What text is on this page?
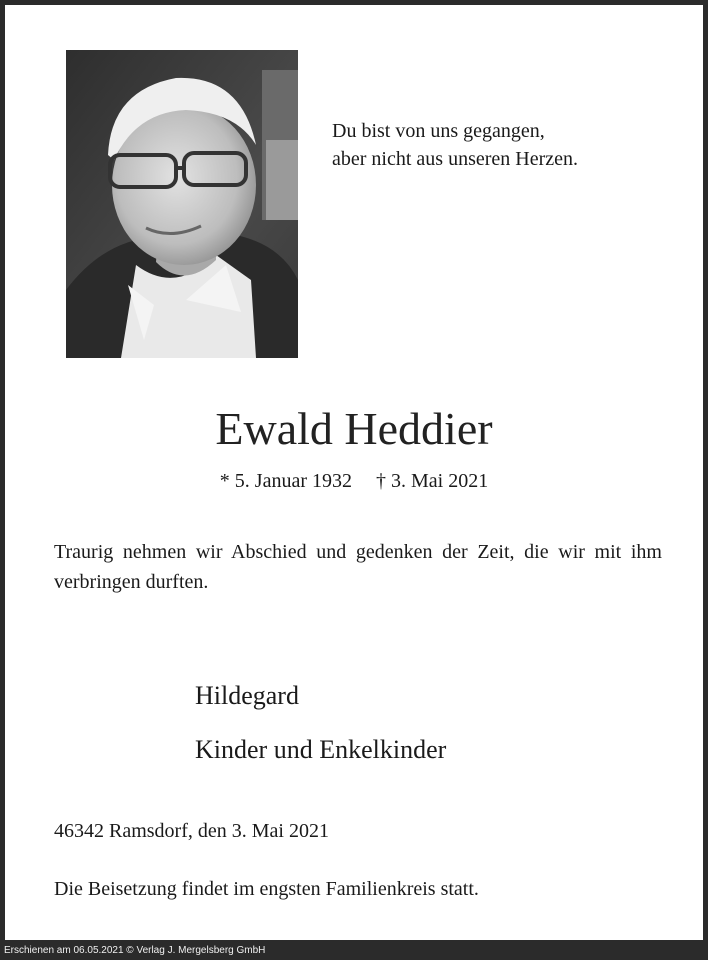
Du bist von uns gegangen,
aber nicht aus unseren Herzen.
Ewald Heddier
* 5. Januar 1932 † 3. Mai 2021
Traurig nehmen wir Abschied und gedenken der Zeit, die wir mit ihm verbringen durften.
Hildegard
Kinder und Enkelkinder
46342 Ramsdorf, den 3. Mai 2021
Die Beisetzung findet im engsten Familienkreis statt.
Erschienen am 06.05.2021 © Verlag J. Mergelsberg GmbH
